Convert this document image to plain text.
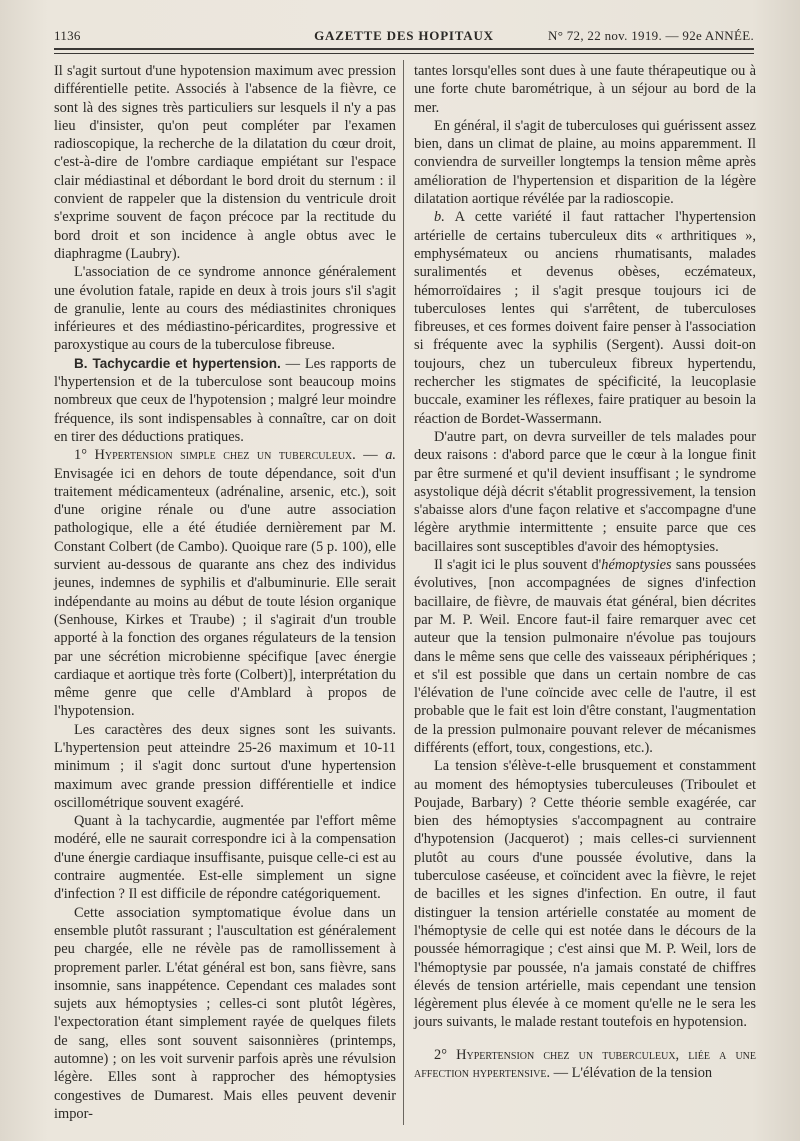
1136	GAZETTE DES HOPITAUX	N° 72, 22 nov. 1919. — 92e ANNÉE.

Il s'agit surtout d'une hypotension maximum avec pression différentielle petite. Associés à l'absence de la fièvre, ce sont là des signes très particuliers sur lesquels il n'y a pas lieu d'insister, qu'on peut compléter par l'examen radioscopique, la recherche de la dilatation du cœur droit, c'est-à-dire de l'ombre cardiaque empiétant sur l'espace clair médiastinal et débordant le bord droit du sternum : il convient de rappeler que la distension du ventricule droit s'exprime souvent de façon précoce par la rectitude du bord droit et son incidence à angle obtus avec le diaphragme (Laubry).

L'association de ce syndrome annonce généralement une évolution fatale, rapide en deux à trois jours s'il s'agit de granulie, lente au cours des médiastinites chroniques inférieures et des médiastino-péricardites, progressive et paroxystique au cours de la tuberculose fibreuse.

B. Tachycardie et hypertension. — Les rapports de l'hypertension et de la tuberculose sont beaucoup moins nombreux que ceux de l'hypotension ; malgré leur moindre fréquence, ils sont indispensables à connaître, car on doit en tirer des déductions pratiques.

1° Hypertension simple chez un tuberculeux. — a. Envisagée ici en dehors de toute dépendance, soit d'un traitement médicamenteux (adrénaline, arsenic, etc.), soit d'une origine rénale ou d'une autre association pathologique, elle a été étudiée dernièrement par M. Constant Colbert (de Cambo). Quoique rare (5 p. 100), elle survient au-dessous de quarante ans chez des individus jeunes, indemnes de syphilis et d'albuminurie. Elle serait indépendante au moins au début de toute lésion organique (Senhouse, Kirkes et Traube) ; il s'agirait d'un trouble apporté à la fonction des organes régulateurs de la tension par une sécrétion microbienne spécifique [avec énergie cardiaque et aortique très forte (Colbert)], interprétation du même genre que celle d'Amblard à propos de l'hypotension.

Les caractères des deux signes sont les suivants. L'hypertension peut atteindre 25-26 maximum et 10-11 minimum ; il s'agit donc surtout d'une hypertension maximum avec grande pression différentielle et indice oscillométrique souvent exagéré.

Quant à la tachycardie, augmentée par l'effort même modéré, elle ne saurait correspondre ici à la compensation d'une énergie cardiaque insuffisante, puisque celle-ci est au contraire augmentée. Est-elle simplement un signe d'infection ? Il est difficile de répondre catégoriquement.

Cette association symptomatique évolue dans un ensemble plutôt rassurant ; l'auscultation est généralement peu chargée, elle ne révèle pas de ramollissement à proprement parler. L'état général est bon, sans fièvre, sans insomnie, sans inappétence. Cependant ces malades sont sujets aux hémoptysies ; celles-ci sont plutôt légères, l'expectoration étant simplement rayée de quelques filets de sang, elles sont souvent saisonnières (printemps, automne) ; on les voit survenir parfois après une révulsion légère. Elles sont à rapprocher des hémoptysies congestives de Dumarest. Mais elles peuvent devenir impor-

tantes lorsqu'elles sont dues à une faute thérapeutique ou à une forte chute barométrique, à un séjour au bord de la mer.

En général, il s'agit de tuberculoses qui guérissent assez bien, dans un climat de plaine, au moins apparemment. Il conviendra de surveiller longtemps la tension même après amélioration de l'hypertension et disparition de la légère dilatation aortique révélée par la radioscopie.

b. A cette variété il faut rattacher l'hypertension artérielle de certains tuberculeux dits « arthritiques », emphysémateux ou anciens rhumatisants, malades suralimentés et devenus obèses, eczémateux, hémorroïdaires ; il s'agit presque toujours ici de tuberculoses lentes qui s'arrêtent, de tuberculoses fibreuses, et ces formes doivent faire penser à l'association si fréquente avec la syphilis (Sergent). Aussi doit-on toujours, chez un tuberculeux fibreux hypertendu, rechercher les stigmates de spécificité, la leucoplasie buccale, examiner les réflexes, faire pratiquer au besoin la réaction de Bordet-Wassermann.

D'autre part, on devra surveiller de tels malades pour deux raisons : d'abord parce que le cœur à la longue finit par être surmené et qu'il devient insuffisant ; le syndrome asystolique déjà décrit s'établit progressivement, la tension s'abaisse alors d'une façon relative et s'accompagne d'une légère arythmie intermittente ; ensuite parce que ces bacillaires sont susceptibles d'avoir des hémoptysies.

Il s'agit ici le plus souvent d'hémoptysies sans poussées évolutives, [non accompagnées de signes d'infection bacillaire, de fièvre, de mauvais état général, bien décrites par M. P. Weil. Encore faut-il faire remarquer avec cet auteur que la tension pulmonaire n'évolue pas toujours dans le même sens que celle des vaisseaux périphériques ; et s'il est possible que dans un certain nombre de cas l'élévation de l'une coïncide avec celle de l'autre, il est probable que le fait est loin d'être constant, l'augmentation de la pression pulmonaire pouvant relever de mécanismes différents (effort, toux, congestions, etc.).

La tension s'élève-t-elle brusquement et constamment au moment des hémoptysies tuberculeuses (Triboulet et Poujade, Barbary) ? Cette théorie semble exagérée, car bien des hémoptysies s'accompagnent au contraire d'hypotension (Jacquerot) ; mais celles-ci surviennent plutôt au cours d'une poussée évolutive, dans la tuberculose caséeuse, et coïncident avec la fièvre, le rejet de bacilles et les signes d'infection. En outre, il faut distinguer la tension artérielle constatée au moment de l'hémoptysie de celle qui est notée dans le décours de la poussée hémorragique ; c'est ainsi que M. P. Weil, lors de l'hémoptysie par poussée, n'a jamais constaté de chiffres élevés de tension artérielle, mais cependant une tension légèrement plus élevée à ce moment qu'elle ne le sera les jours suivants, le malade restant toutefois en hypotension.

2° Hypertension chez un tuberculeux, liée a une affection hypertensive. — L'élévation de la tension
